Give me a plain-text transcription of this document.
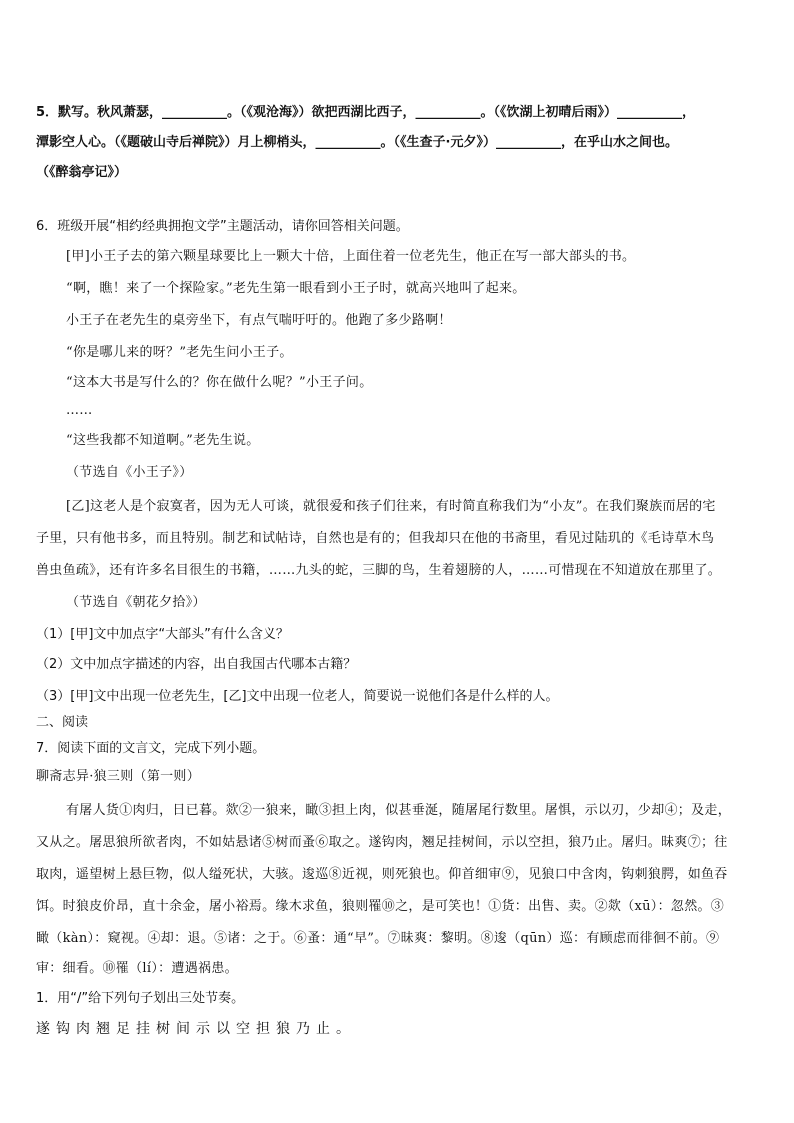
5．默写。秋风萧瑟，__________。（《观沧海》）欲把西湖比西子，__________。（《饮湖上初晴后雨》）__________，
潭影空人心。（《题破山寺后禅院》）月上柳梢头，__________。（《生查子·元夕》）__________，在乎山水之间也。
（《醉翁亭记》）
6．班级开展“相约经典拥抱文学”主题活动，请你回答相关问题。
[甲]小王子去的第六颗星球要比上一颗大十倍，上面住着一位老先生，他正在写一部大部头的书。
“啊，瞧！来了一个探险家。”老先生第一眼看到小王子时，就高兴地叫了起来。
小王子在老先生的桌旁坐下，有点气喘吁吁的。他跑了多少路啊！
“你是哪儿来的呀？”老先生问小王子。
“这本大书是写什么的？你在做什么呢？”小王子问。
……
“这些我都不知道啊。”老先生说。
（节选自《小王子》）
[乙]这老人是个寂寞者，因为无人可谈，就很爱和孩子们往来，有时简直称我们为“小友”。在我们聚族而居的宅
子里，只有他书多，而且特别。制艺和试帖诗，自然也是有的；但我却只在他的书斋里，看见过陆玑的《毛诗草木鸟
兽虫鱼疏》，还有许多名目很生的书籍，……九头的蛇，三脚的鸟，生着翅膀的人，……可惜现在不知道放在那里了。
（节选自《朝花夕拾》）
（1）[甲]文中加点字“大部头”有什么含义？
（2）文中加点字描述的内容，出自我国古代哪本古籍？
（3）[甲]文中出现一位老先生，[乙]文中出现一位老人，简要说一说他们各是什么样的人。
二、阅读
7．阅读下面的文言文，完成下列小题。
聊斋志异·狼三则（第一则）
有屠人货①肉归，日已暮。欻②一狼来，瞰③担上肉，似甚垂涎，随屠尾行数里。屠惧，示以刃，少却④；及走，
又从之。屠思狼所欲者肉，不如姑悬诸⑤树而蚤⑥取之。遂钩肉，翘足挂树间，示以空担，狼乃止。屠归。昧爽⑦；往
取肉，遥望树上悬巨物，似人缢死状，大骇。逡巡⑧近视，则死狼也。仰首细审⑨，见狼口中含肉，钩刺狼腭，如鱼吞
饵。时狼皮价昂，直十余金，屠小裕焉。缘木求鱼，狼则罹⑩之，是可笑也！①货：出售、卖。②欻（xū）：忽然。③
瞰（kàn）：窥视。④却：退。⑤诸：之于。⑥蚤：通“早”。⑦昧爽：黎明。⑧逡（qūn）巡：有顾虑而徘徊不前。⑨
审：细看。⑩罹（lí）：遭遇祸患。
1．用“/”给下列句子划出三处节奏。
遂钩肉翘足挂树间示以空担狼乃止。
